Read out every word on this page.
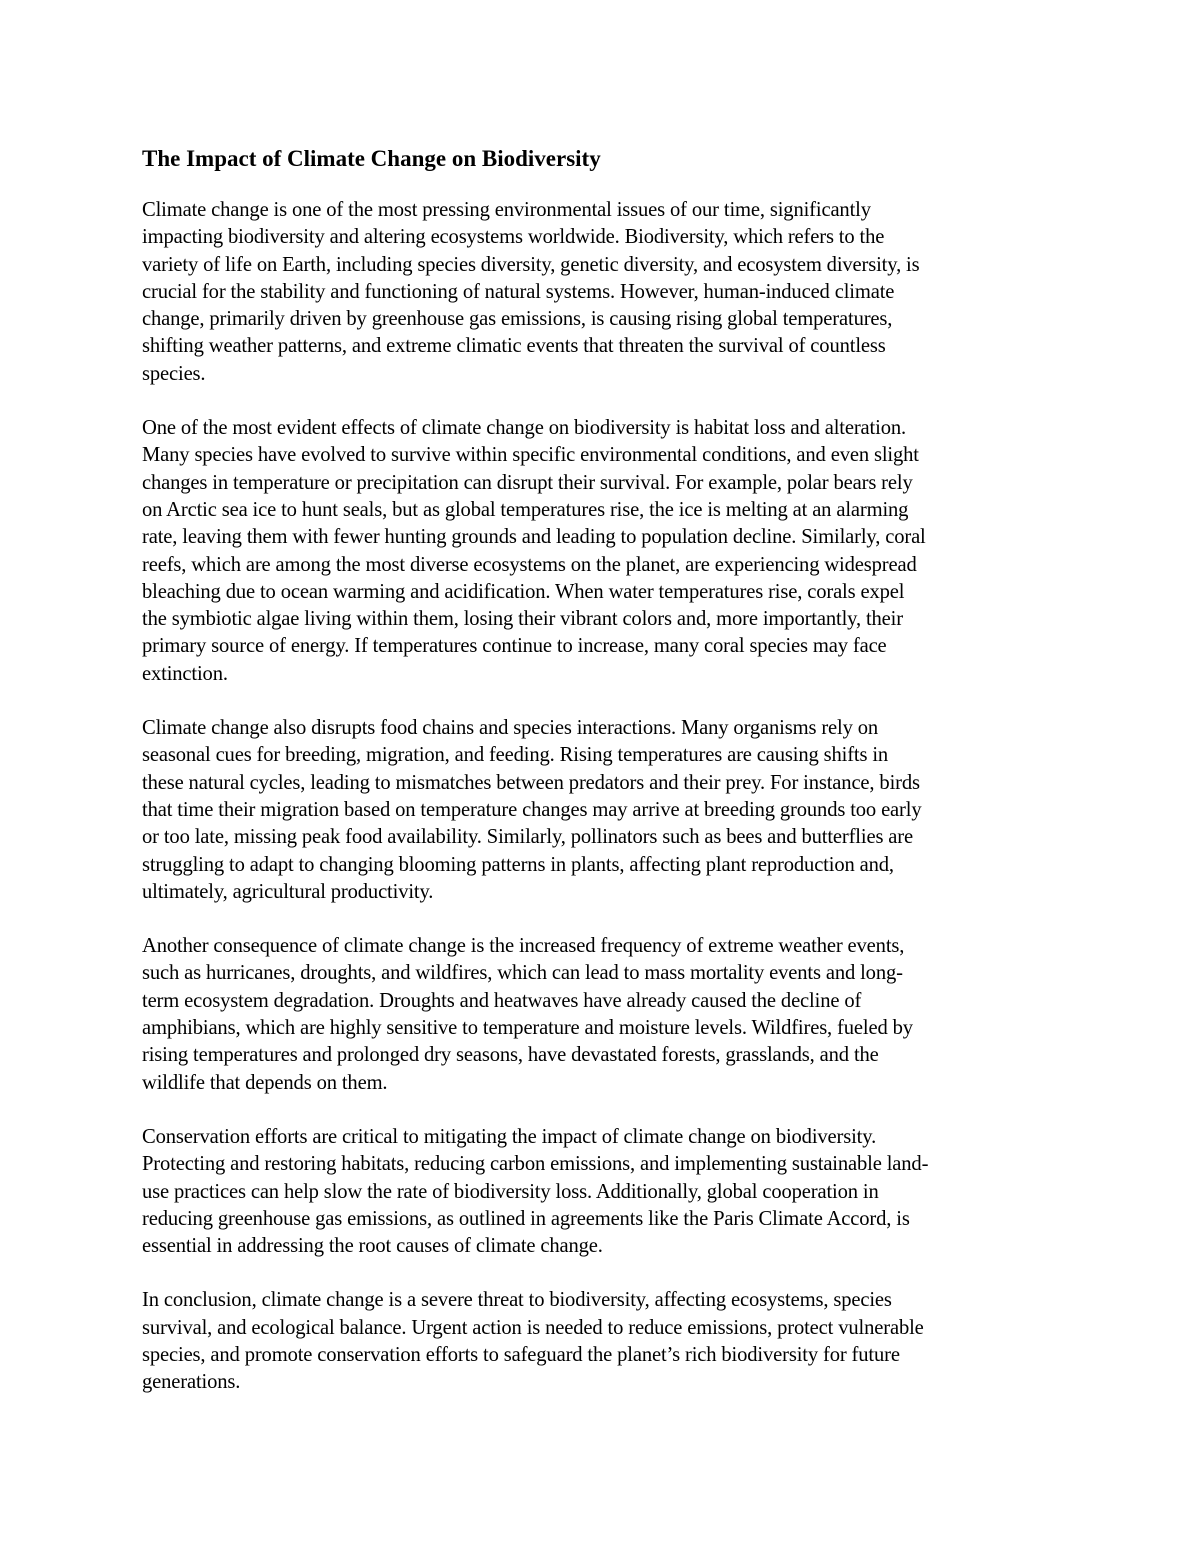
The Impact of Climate Change on Biodiversity

Climate change is one of the most pressing environmental issues of our time, significantly
impacting biodiversity and altering ecosystems worldwide. Biodiversity, which refers to the
variety of life on Earth, including species diversity, genetic diversity, and ecosystem diversity, is
crucial for the stability and functioning of natural systems. However, human-induced climate
change, primarily driven by greenhouse gas emissions, is causing rising global temperatures,
shifting weather patterns, and extreme climatic events that threaten the survival of countless
species.

One of the most evident effects of climate change on biodiversity is habitat loss and alteration.
Many species have evolved to survive within specific environmental conditions, and even slight
changes in temperature or precipitation can disrupt their survival. For example, polar bears rely
on Arctic sea ice to hunt seals, but as global temperatures rise, the ice is melting at an alarming
rate, leaving them with fewer hunting grounds and leading to population decline. Similarly, coral
reefs, which are among the most diverse ecosystems on the planet, are experiencing widespread
bleaching due to ocean warming and acidification. When water temperatures rise, corals expel
the symbiotic algae living within them, losing their vibrant colors and, more importantly, their
primary source of energy. If temperatures continue to increase, many coral species may face
extinction.

Climate change also disrupts food chains and species interactions. Many organisms rely on
seasonal cues for breeding, migration, and feeding. Rising temperatures are causing shifts in
these natural cycles, leading to mismatches between predators and their prey. For instance, birds
that time their migration based on temperature changes may arrive at breeding grounds too early
or too late, missing peak food availability. Similarly, pollinators such as bees and butterflies are
struggling to adapt to changing blooming patterns in plants, affecting plant reproduction and,
ultimately, agricultural productivity.

Another consequence of climate change is the increased frequency of extreme weather events,
such as hurricanes, droughts, and wildfires, which can lead to mass mortality events and long-
term ecosystem degradation. Droughts and heatwaves have already caused the decline of
amphibians, which are highly sensitive to temperature and moisture levels. Wildfires, fueled by
rising temperatures and prolonged dry seasons, have devastated forests, grasslands, and the
wildlife that depends on them.

Conservation efforts are critical to mitigating the impact of climate change on biodiversity.
Protecting and restoring habitats, reducing carbon emissions, and implementing sustainable land-
use practices can help slow the rate of biodiversity loss. Additionally, global cooperation in
reducing greenhouse gas emissions, as outlined in agreements like the Paris Climate Accord, is
essential in addressing the root causes of climate change.

In conclusion, climate change is a severe threat to biodiversity, affecting ecosystems, species
survival, and ecological balance. Urgent action is needed to reduce emissions, protect vulnerable
species, and promote conservation efforts to safeguard the planet’s rich biodiversity for future
generations.
